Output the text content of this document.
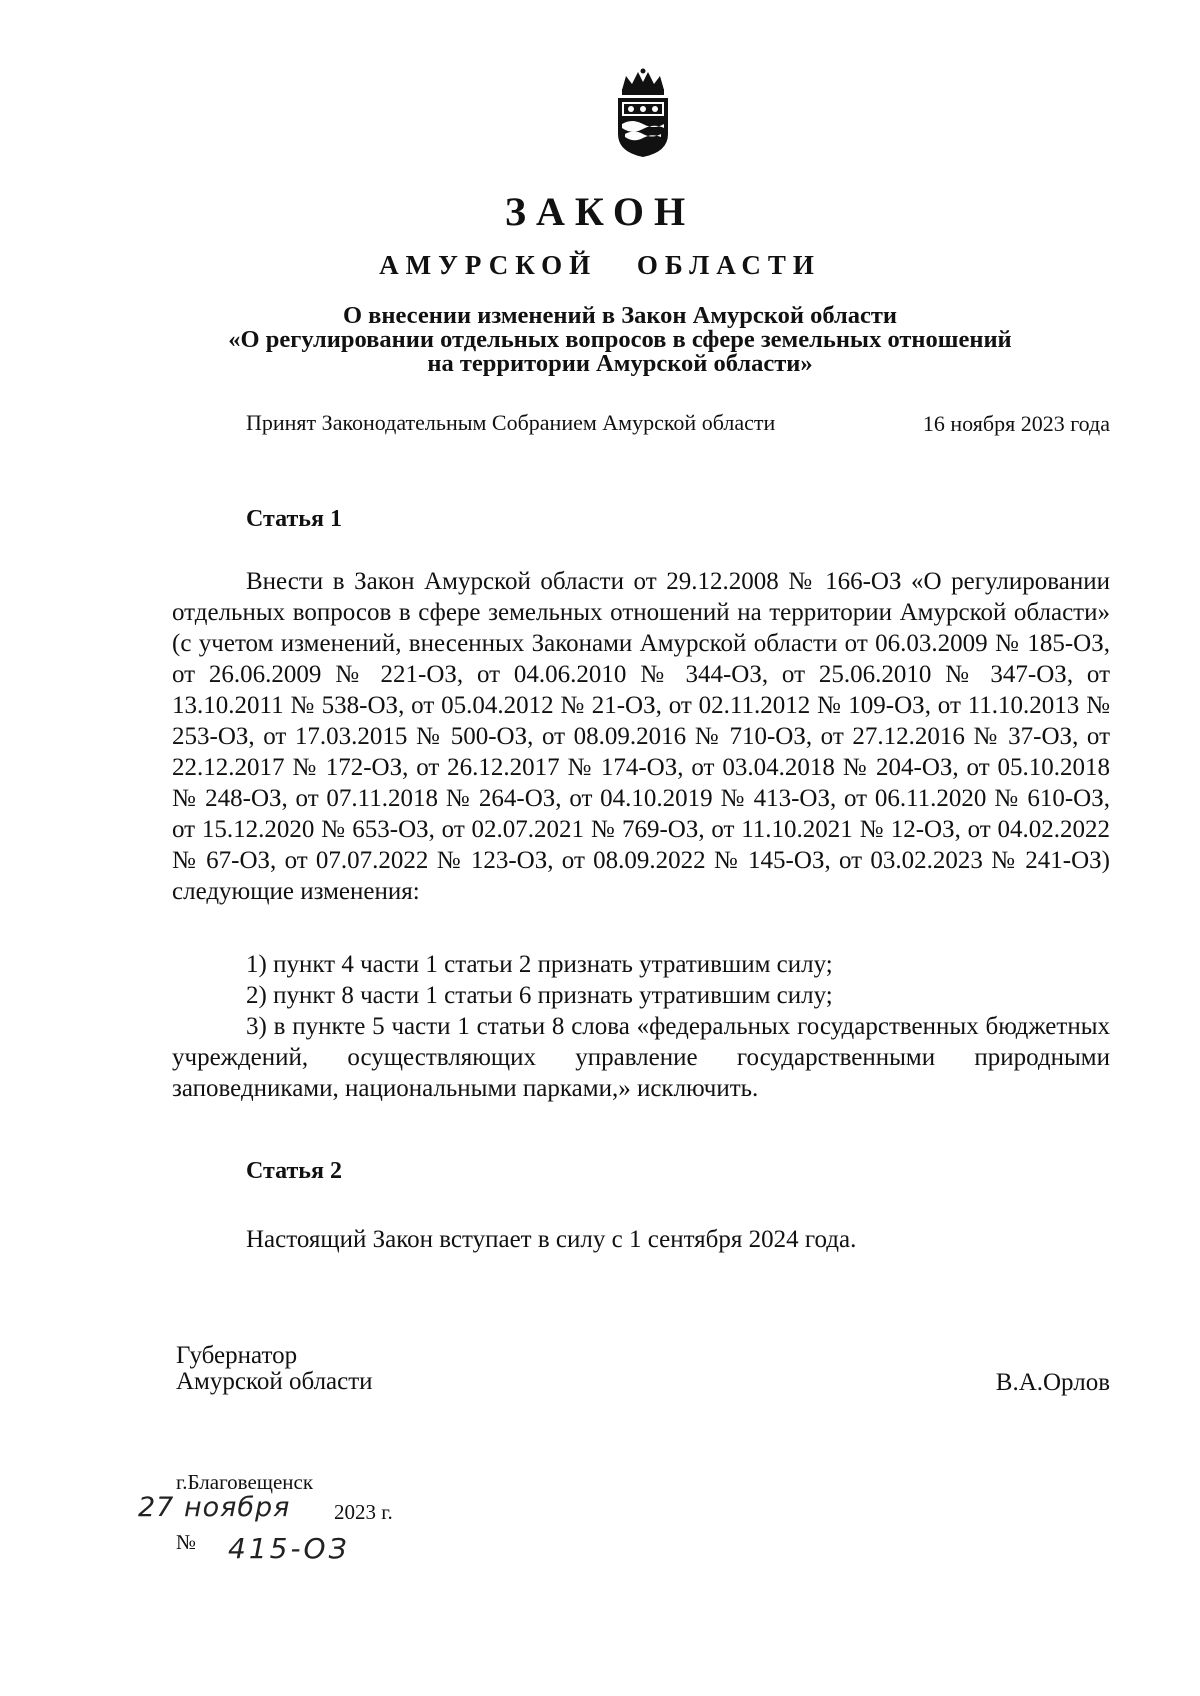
ЗАКОН
АМУРСКОЙ ОБЛАСТИ
О внесении изменений в Закон Амурской области
«О регулировании отдельных вопросов в сфере земельных отношений
на территории Амурской области»
Принят Законодательным Собранием Амурской области	16 ноября 2023 года
Статья 1

Внести в Закон Амурской области от 29.12.2008 № 166-ОЗ «О регулировании отдельных вопросов в сфере земельных отношений на территории Амурской области» (с учетом изменений, внесенных Законами Амурской области от 06.03.2009 № 185-ОЗ, от 26.06.2009 № 221-ОЗ, от 04.06.2010 № 344-ОЗ, от 25.06.2010 № 347-ОЗ, от 13.10.2011 № 538-ОЗ, от 05.04.2012 № 21-ОЗ, от 02.11.2012 № 109-ОЗ, от 11.10.2013 № 253-ОЗ, от 17.03.2015 № 500-ОЗ, от 08.09.2016 № 710-ОЗ, от 27.12.2016 № 37-ОЗ, от 22.12.2017 № 172-ОЗ, от 26.12.2017 № 174-ОЗ, от 03.04.2018 № 204-ОЗ, от 05.10.2018 № 248-ОЗ, от 07.11.2018 № 264-ОЗ, от 04.10.2019 № 413-ОЗ, от 06.11.2020 № 610-ОЗ, от 15.12.2020 № 653-ОЗ, от 02.07.2021 № 769-ОЗ, от 11.10.2021 № 12-ОЗ, от 04.02.2022 № 67-ОЗ, от 07.07.2022 № 123-ОЗ, от 08.09.2022 № 145-ОЗ, от 03.02.2023 № 241-ОЗ) следующие изменения:

1) пункт 4 части 1 статьи 2 признать утратившим силу;

2) пункт 8 части 1 статьи 6 признать утратившим силу;

3) в пункте 5 части 1 статьи 8 слова «федеральных государственных бюджетных учреждений, осуществляющих управление государственными природными заповедниками, национальными парками,» исключить.

Статья 2
Настоящий Закон вступает в силу с 1 сентября 2024 года.
Губернатор
Амурской области	В.А.Орлов
г.Благовещенск
27 ноября 2023 г.
№ 415-ОЗ
